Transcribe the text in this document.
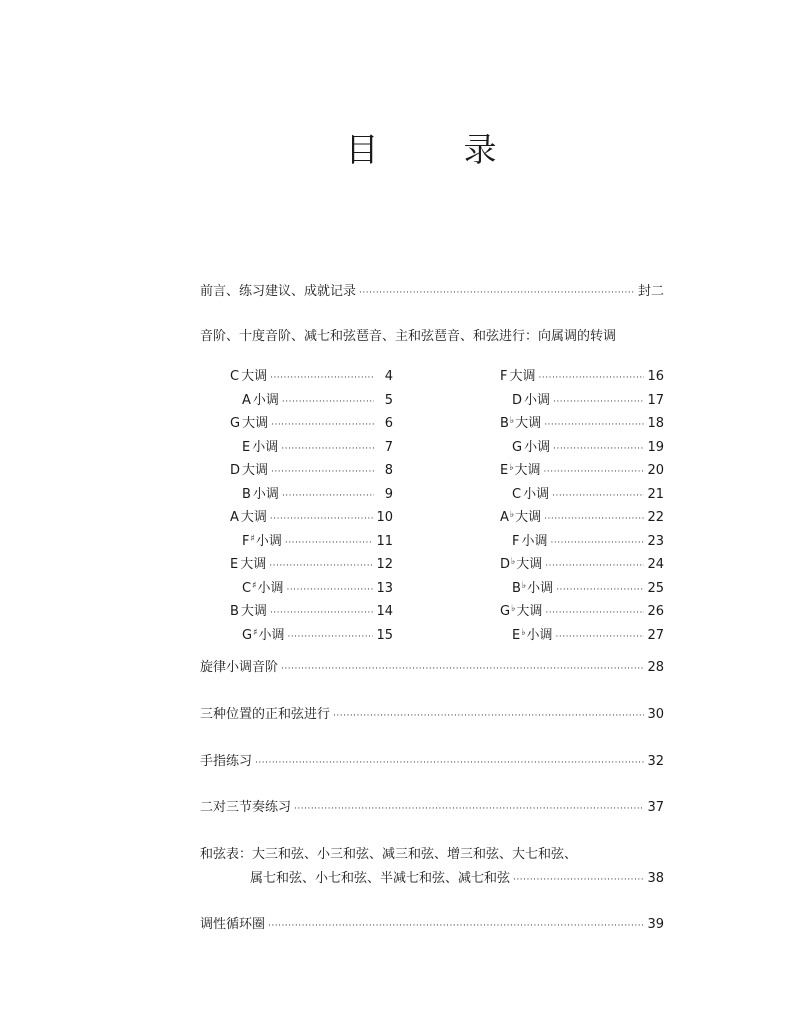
目　录
前言、练习建议、成就记录 ·····	封二
音阶、十度音阶、减七和弦琶音、主和弦琶音、和弦进行：向属调的转调
C 大调 ·····	4
A 小调 ·····	5
G 大调 ·····	6
E 小调 ·····	7
D 大调 ·····	8
B 小调 ·····	9
A 大调 ·····	10
F♯小调 ·····	11
E 大调 ·····	12
C♯小调 ·····	13
B 大调 ·····	14
G♯小调 ·····	15
F 大调 ·····	16
D 小调 ·····	17
B♭大调 ·····	18
G 小调 ·····	19
E♭大调 ·····	20
C 小调 ·····	21
A♭大调 ·····	22
F 小调 ·····	23
D♭大调 ·····	24
B♭小调 ·····	25
G♭大调 ·····	26
E♭小调 ·····	27
旋律小调音阶 ·····	28
三种位置的正和弦进行 ·····	30
手指练习 ·····	32
二对三节奏练习 ·····	37
和弦表：大三和弦、小三和弦、减三和弦、增三和弦、大七和弦、
属七和弦、小七和弦、半减七和弦、减七和弦 ·····	38
调性循环圈 ·····	39
